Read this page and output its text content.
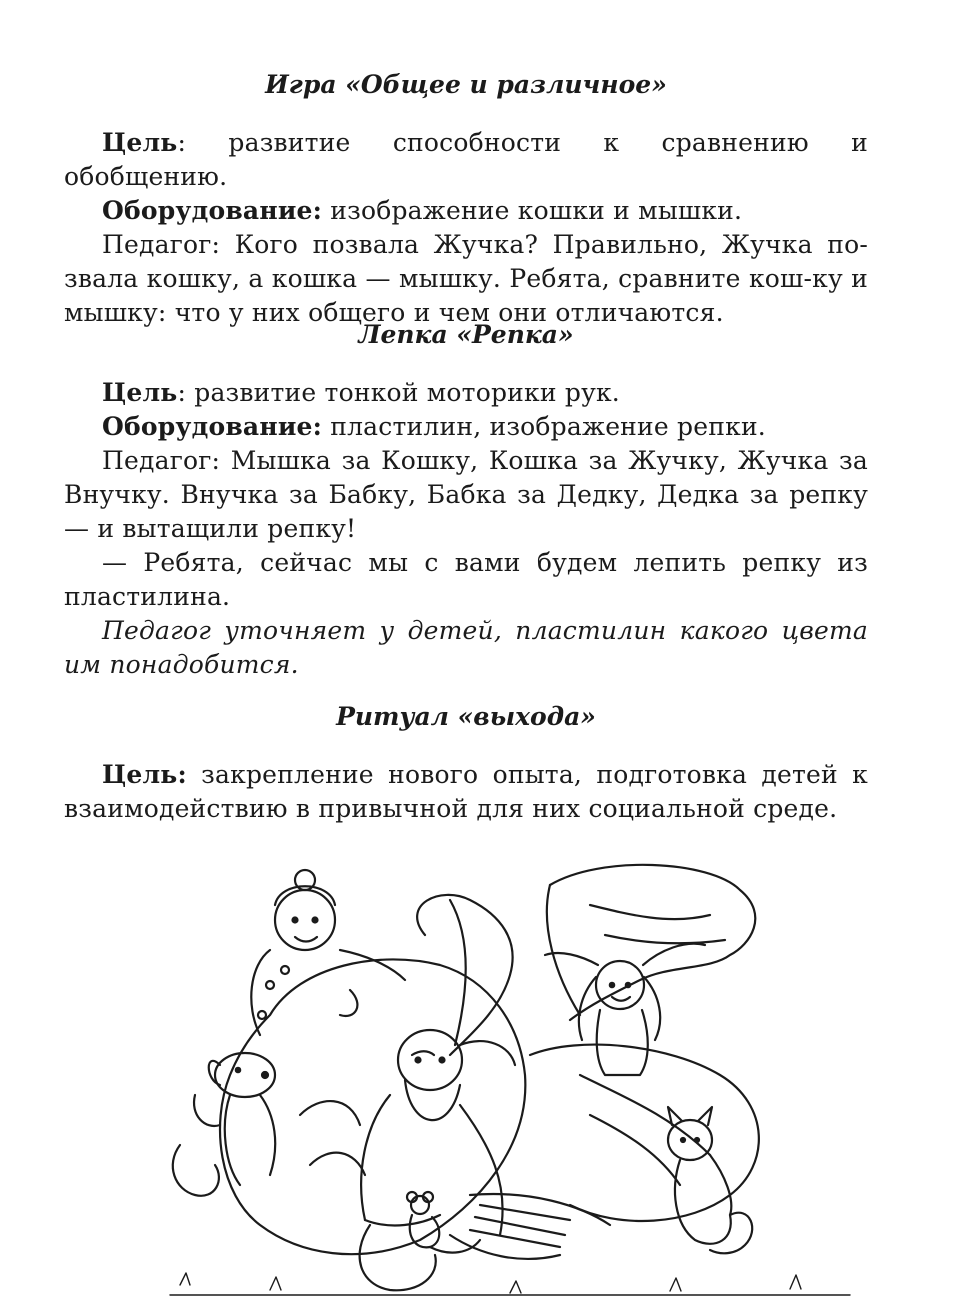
Игра «Общее и различное»

Цель: развитие способности к сравнению и обобщению.

Оборудование: изображение кошки и мышки.

Педагог: Кого позвала Жучка? Правильно, Жучка по-звала кошку, а кошка — мышку. Ребята, сравните кош-ку и мышку: что у них общего и чем они отличаются.

Лепка «Репка»

Цель: развитие тонкой моторики рук.

Оборудование: пластилин, изображение репки.

Педагог: Мышка за Кошку, Кошка за Жучку, Жучка за Внучку. Внучка за Бабку, Бабка за Дедку, Дедка за репку — и вытащили репку!

— Ребята, сейчас мы с вами будем лепить репку из пластилина.

Педагог уточняет у детей, пластилин какого цвета им понадобится.

Ритуал «выхода»

Цель: закрепление нового опыта, подготовка детей к взаимодействию в привычной для них социальной среде.
